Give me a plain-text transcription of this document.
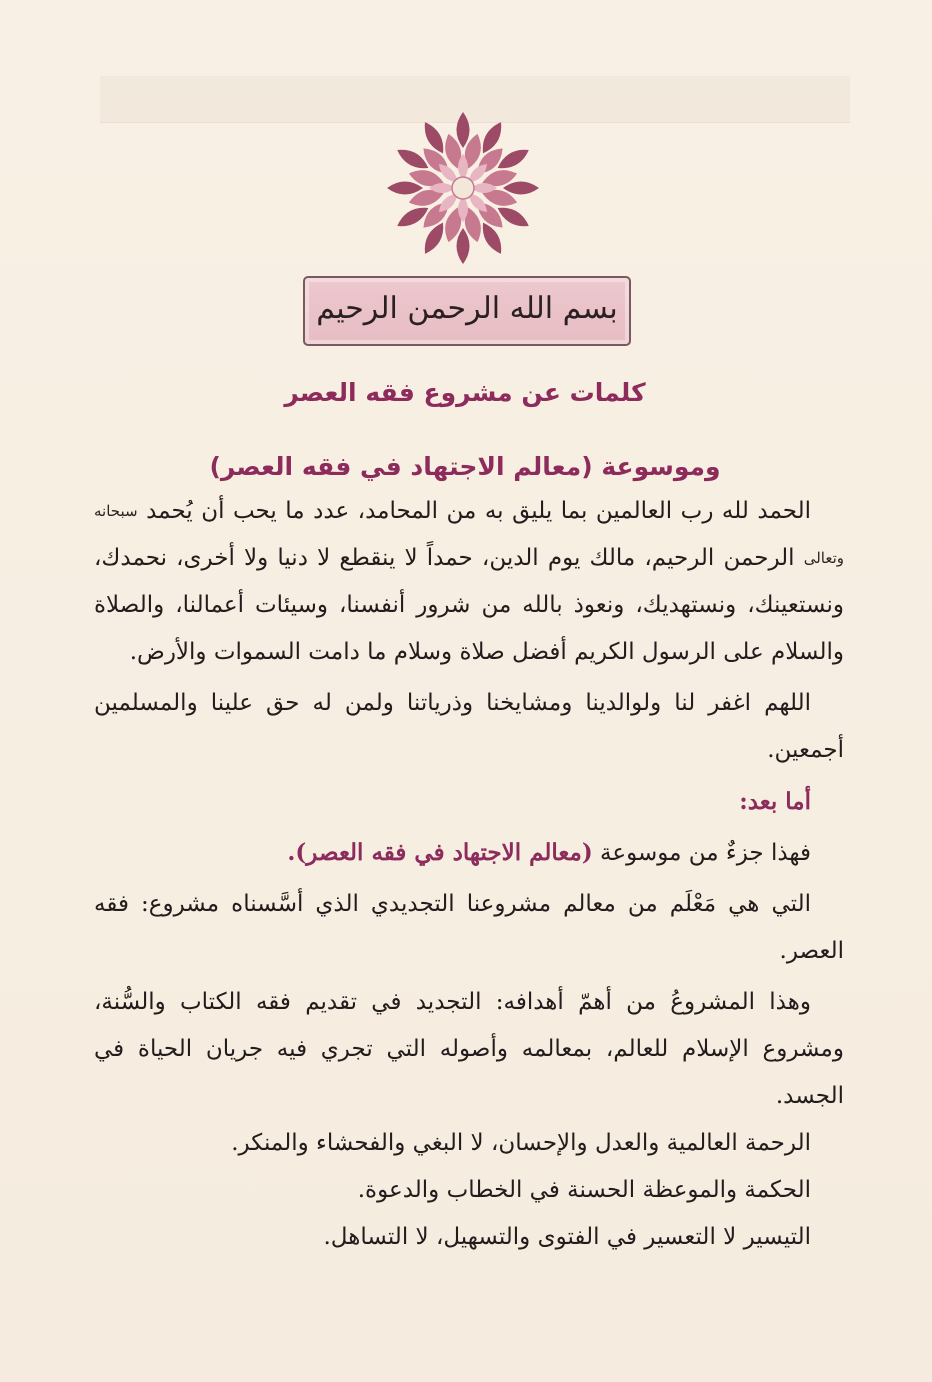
بسم الله الرحمن الرحيم
كلمات عن مشروع فقه العصر
وموسوعة (معالم الاجتهاد في فقه العصر)

الحمد لله رب العالمين بما يليق به من المحامد، عدد ما يحب أن يُحمد سبحانه وتعالى الرحمن الرحيم، مالك يوم الدين، حمداً لا ينقطع لا دنيا ولا أخرى، نحمدك، ونستعينك، ونستهديك، ونعوذ بالله من شرور أنفسنا، وسيئات أعمالنا، والصلاة والسلام على الرسول الكريم أفضل صلاة وسلام ما دامت السموات والأرض.

اللهم اغفر لنا ولوالدينا ومشايخنا وذرياتنا ولمن له حق علينا والمسلمين أجمعين.

أما بعد:

فهذا جزءٌ من موسوعة (معالم الاجتهاد في فقه العصر).

التي هي مَعْلَم من معالم مشروعنا التجديدي الذي أسَّسناه مشروع: فقه العصر.

وهذا المشروعُ من أهمّ أهدافه: التجديد في تقديم فقه الكتاب والسُّنة، ومشروع الإسلام للعالم، بمعالمه وأصوله التي تجري فيه جريان الحياة في الجسد.

الرحمة العالمية والعدل والإحسان، لا البغي والفحشاء والمنكر.

الحكمة والموعظة الحسنة في الخطاب والدعوة.

التيسير لا التعسير في الفتوى والتسهيل، لا التساهل.
